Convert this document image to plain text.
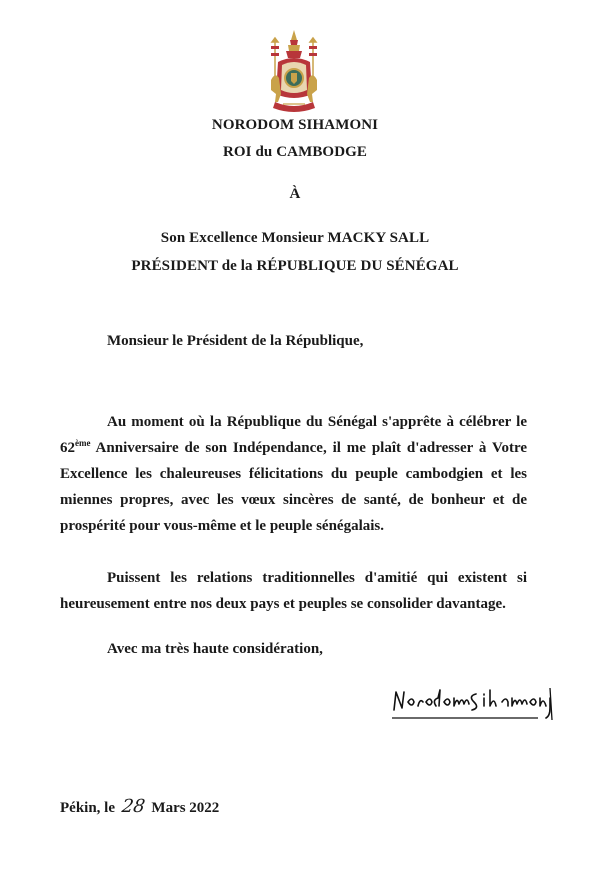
NORODOM SIHAMONI
ROI du CAMBODGE
À
Son Excellence Monsieur MACKY SALL
PRÉSIDENT de la RÉPUBLIQUE DU SÉNÉGAL
Monsieur le Président de la République,
Au moment où la République du Sénégal s'apprête à célébrer le
62ème Anniversaire de son Indépendance, il me plaît d'adresser à Votre
Excellence les chaleureuses félicitations du peuple cambodgien et les
miennes propres, avec les vœux sincères de santé, de bonheur et de
prospérité pour vous-même et le peuple sénégalais.
Puissent les relations traditionnelles d'amitié qui existent si
heureusement entre nos deux pays et peuples se consolider davantage.
Avec ma très haute considération,
Pékin, le 28 Mars 2022
